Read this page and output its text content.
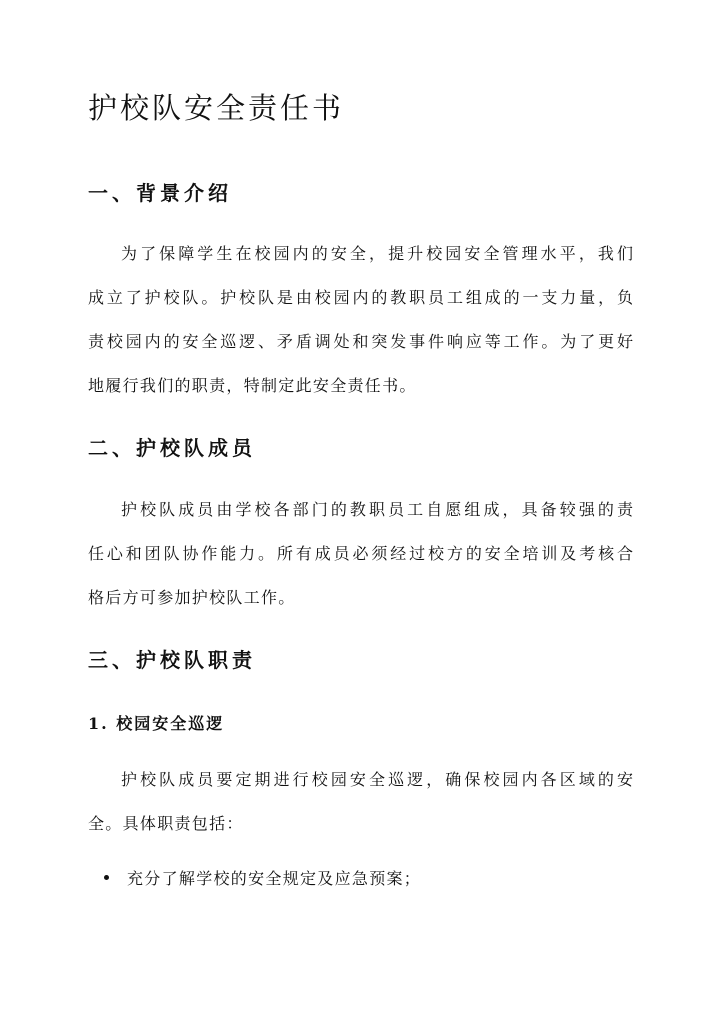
护校队安全责任书
一、背景介绍
为了保障学生在校园内的安全，提升校园安全管理水平，我们
成立了护校队。护校队是由校园内的教职员工组成的一支力量，负
责校园内的安全巡逻、矛盾调处和突发事件响应等工作。为了更好
地履行我们的职责，特制定此安全责任书。
二、护校队成员
护校队成员由学校各部门的教职员工自愿组成，具备较强的责
任心和团队协作能力。所有成员必须经过校方的安全培训及考核合
格后方可参加护校队工作。
三、护校队职责
1. 校园安全巡逻
护校队成员要定期进行校园安全巡逻，确保校园内各区域的安
全。具体职责包括：
充分了解学校的安全规定及应急预案；
